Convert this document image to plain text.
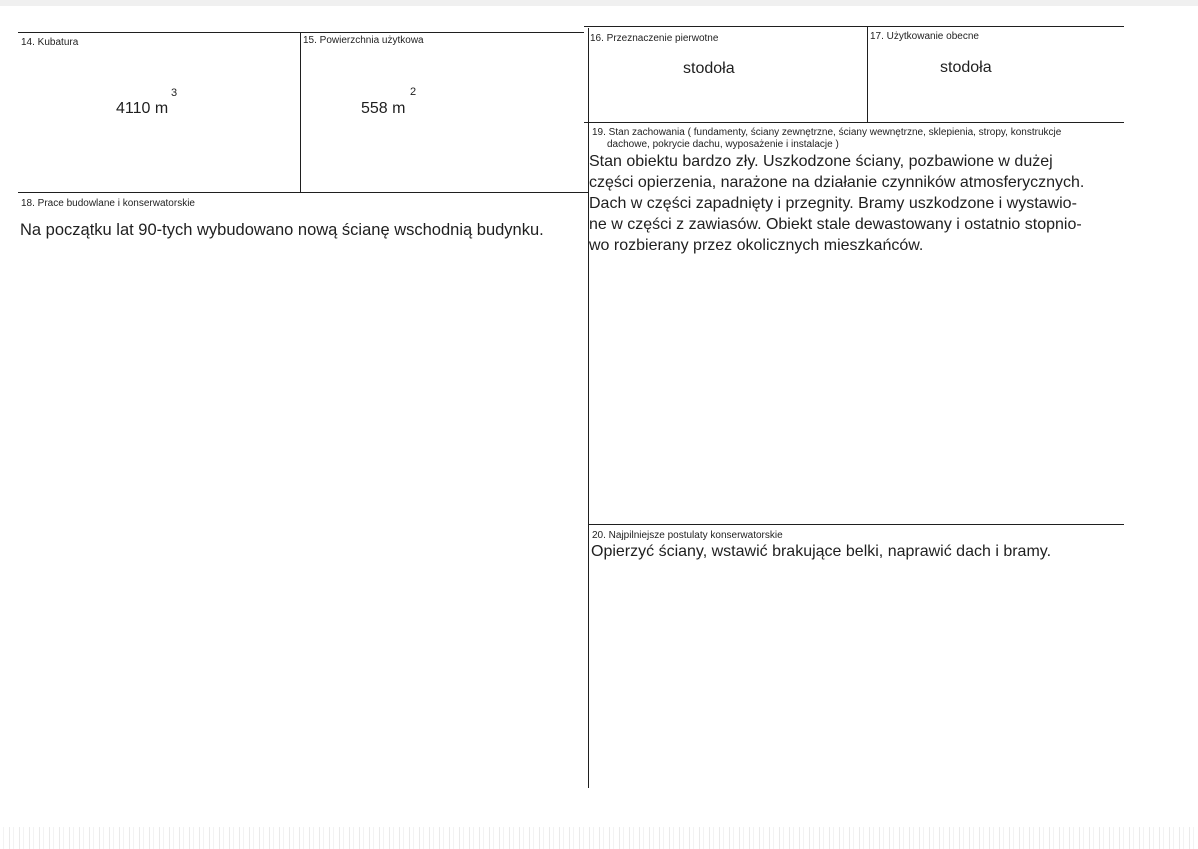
14. Kubatura
4110 m
3
15. Powierzchnia użytkowa
558 m
2
16. Przeznaczenie pierwotne
stodoła
17. Użytkowanie obecne
stodoła
18. Prace budowlane i konserwatorskie
Na początku lat 90-tych wybudowano nową ścianę wschodnią budynku.
19. Stan zachowania ( fundamenty, ściany zewnętrzne, ściany wewnętrzne, sklepienia, stropy, konstrukcje
dachowe, pokrycie dachu, wyposażenie i instalacje )
Stan obiektu bardzo zły. Uszkodzone ściany, pozbawione w dużej
części opierzenia, narażone na działanie czynników atmosferycznych.
Dach w części zapadnięty i przegnity. Bramy uszkodzone i wystawio-
ne w części z zawiasów. Obiekt stale dewastowany i ostatnio stopnio-
wo rozbierany przez okolicznych mieszkańców.
20. Najpilniejsze postulaty konserwatorskie
Opierzyć ściany, wstawić brakujące belki, naprawić dach i bramy.
